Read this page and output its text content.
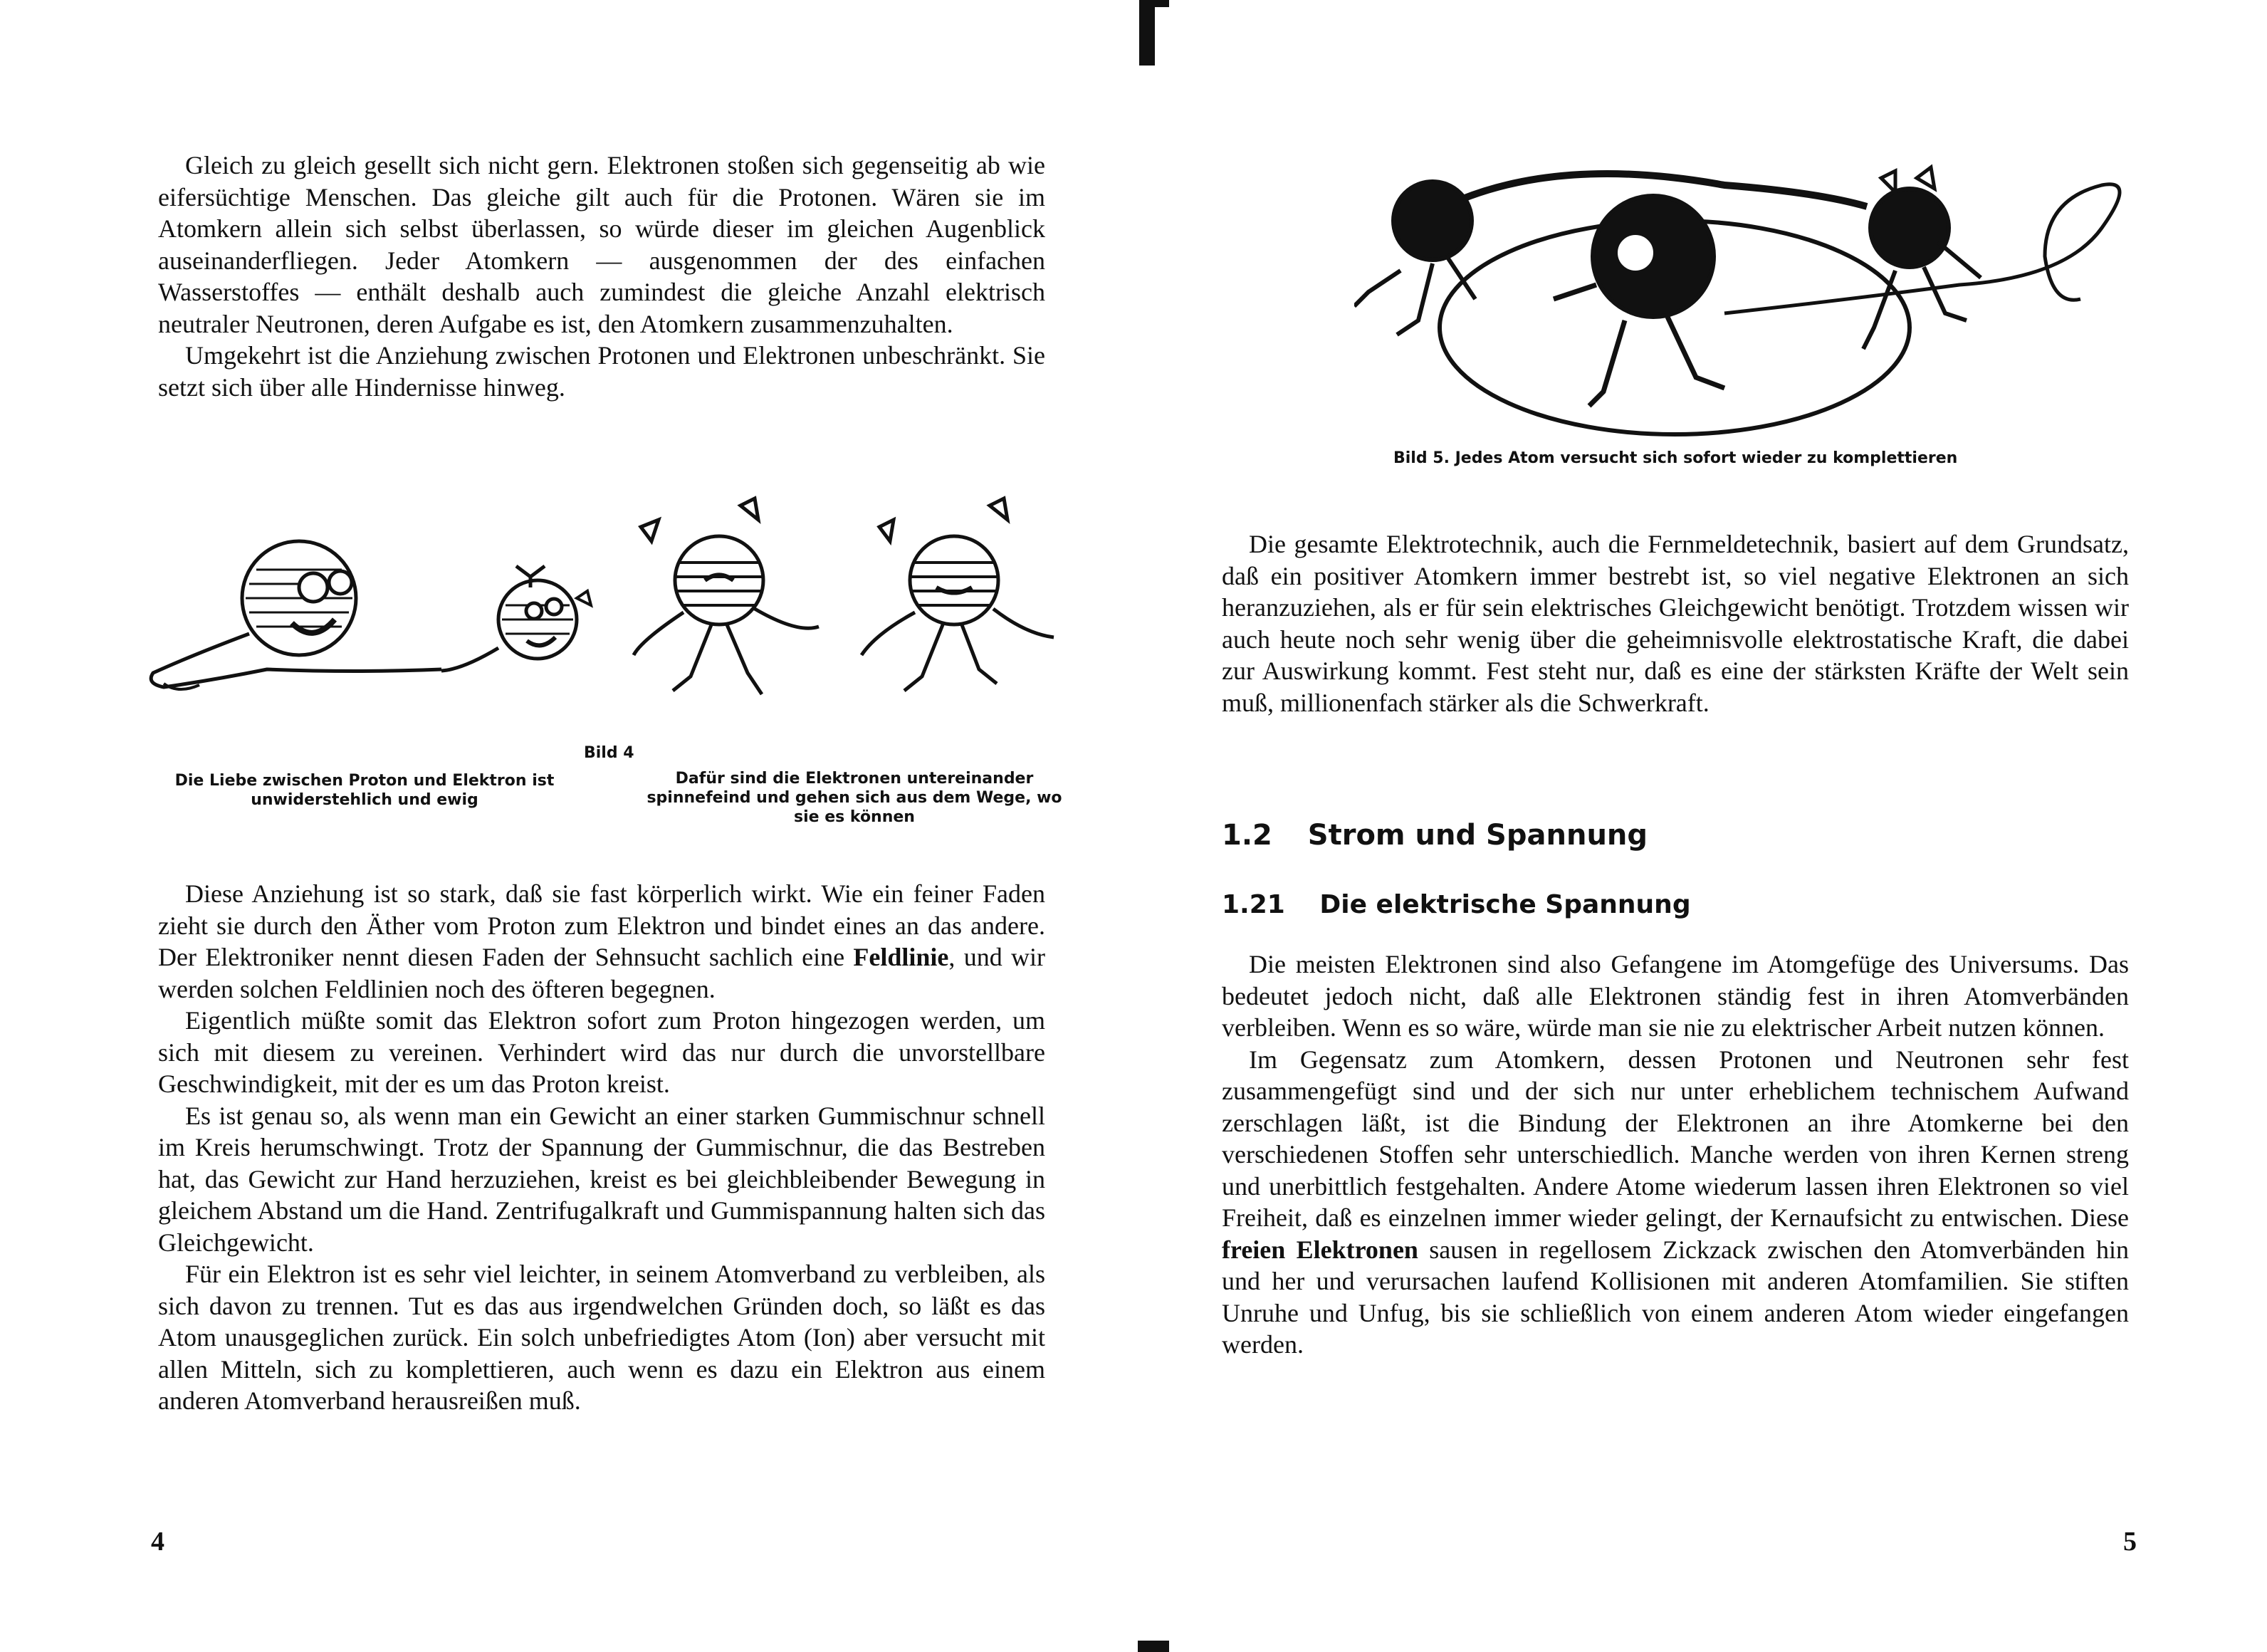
Gleich zu gleich gesellt sich nicht gern. Elektronen stoßen sich gegenseitig ab wie eifersüchtige Menschen. Das gleiche gilt auch für die Protonen. Wären sie im Atomkern allein sich selbst überlassen, so würde dieser im gleichen Augenblick auseinanderfliegen. Jeder Atomkern — ausgenommen der des einfachen Wasserstoffes — enthält deshalb auch zumindest die gleiche Anzahl elektrisch neutraler Neutronen, deren Aufgabe es ist, den Atomkern zusammenzuhalten.

Umgekehrt ist die Anziehung zwischen Protonen und Elektronen unbeschränkt. Sie setzt sich über alle Hindernisse hinweg.

Bild 4
Die Liebe zwischen Proton und Elektron ist unwiderstehlich und ewig
Dafür sind die Elektronen untereinander spinnefeind und gehen sich aus dem Wege, wo sie es können

Diese Anziehung ist so stark, daß sie fast körperlich wirkt. Wie ein feiner Faden zieht sie durch den Äther vom Proton zum Elektron und bindet eines an das andere. Der Elektroniker nennt diesen Faden der Sehnsucht sachlich eine Feldlinie, und wir werden solchen Feldlinien noch des öfteren begegnen.

Eigentlich müßte somit das Elektron sofort zum Proton hingezogen werden, um sich mit diesem zu vereinen. Verhindert wird das nur durch die unvorstellbare Geschwindigkeit, mit der es um das Proton kreist.

Es ist genau so, als wenn man ein Gewicht an einer starken Gummischnur schnell im Kreis herumschwingt. Trotz der Spannung der Gummischnur, die das Bestreben hat, das Gewicht zur Hand herzuziehen, kreist es bei gleichbleibender Bewegung in gleichem Abstand um die Hand. Zentrifugalkraft und Gummispannung halten sich das Gleichgewicht.

Für ein Elektron ist es sehr viel leichter, in seinem Atomverband zu verbleiben, als sich davon zu trennen. Tut es das aus irgendwelchen Gründen doch, so läßt es das Atom unausgeglichen zurück. Ein solch unbefriedigtes Atom (Ion) aber versucht mit allen Mitteln, sich zu komplettieren, auch wenn es dazu ein Elektron aus einem anderen Atomverband herausreißen muß.

4
Bild 5. Jedes Atom versucht sich sofort wieder zu komplettieren

Die gesamte Elektrotechnik, auch die Fernmeldetechnik, basiert auf dem Grundsatz, daß ein positiver Atomkern immer bestrebt ist, so viel negative Elektronen an sich heranzuziehen, als er für sein elektrisches Gleichgewicht benötigt. Trotzdem wissen wir auch heute noch sehr wenig über die geheimnisvolle elektrostatische Kraft, die dabei zur Auswirkung kommt. Fest steht nur, daß es eine der stärksten Kräfte der Welt sein muß, millionenfach stärker als die Schwerkraft.

1.2 Strom und Spannung
1.21 Die elektrische Spannung

Die meisten Elektronen sind also Gefangene im Atomgefüge des Universums. Das bedeutet jedoch nicht, daß alle Elektronen ständig fest in ihren Atomverbänden verbleiben. Wenn es so wäre, würde man sie nie zu elektrischer Arbeit nutzen können.

Im Gegensatz zum Atomkern, dessen Protonen und Neutronen sehr fest zusammengefügt sind und der sich nur unter erheblichem technischem Aufwand zerschlagen läßt, ist die Bindung der Elektronen an ihre Atomkerne bei den verschiedenen Stoffen sehr unterschiedlich. Manche werden von ihren Kernen streng und unerbittlich festgehalten. Andere Atome wiederum lassen ihren Elektronen so viel Freiheit, daß es einzelnen immer wieder gelingt, der Kernaufsicht zu entwischen. Diese freien Elektronen sausen in regellosem Zickzack zwischen den Atomverbänden hin und her und verursachen laufend Kollisionen mit anderen Atomfamilien. Sie stiften Unruhe und Unfug, bis sie schließlich von einem anderen Atom wieder eingefangen werden.

5
